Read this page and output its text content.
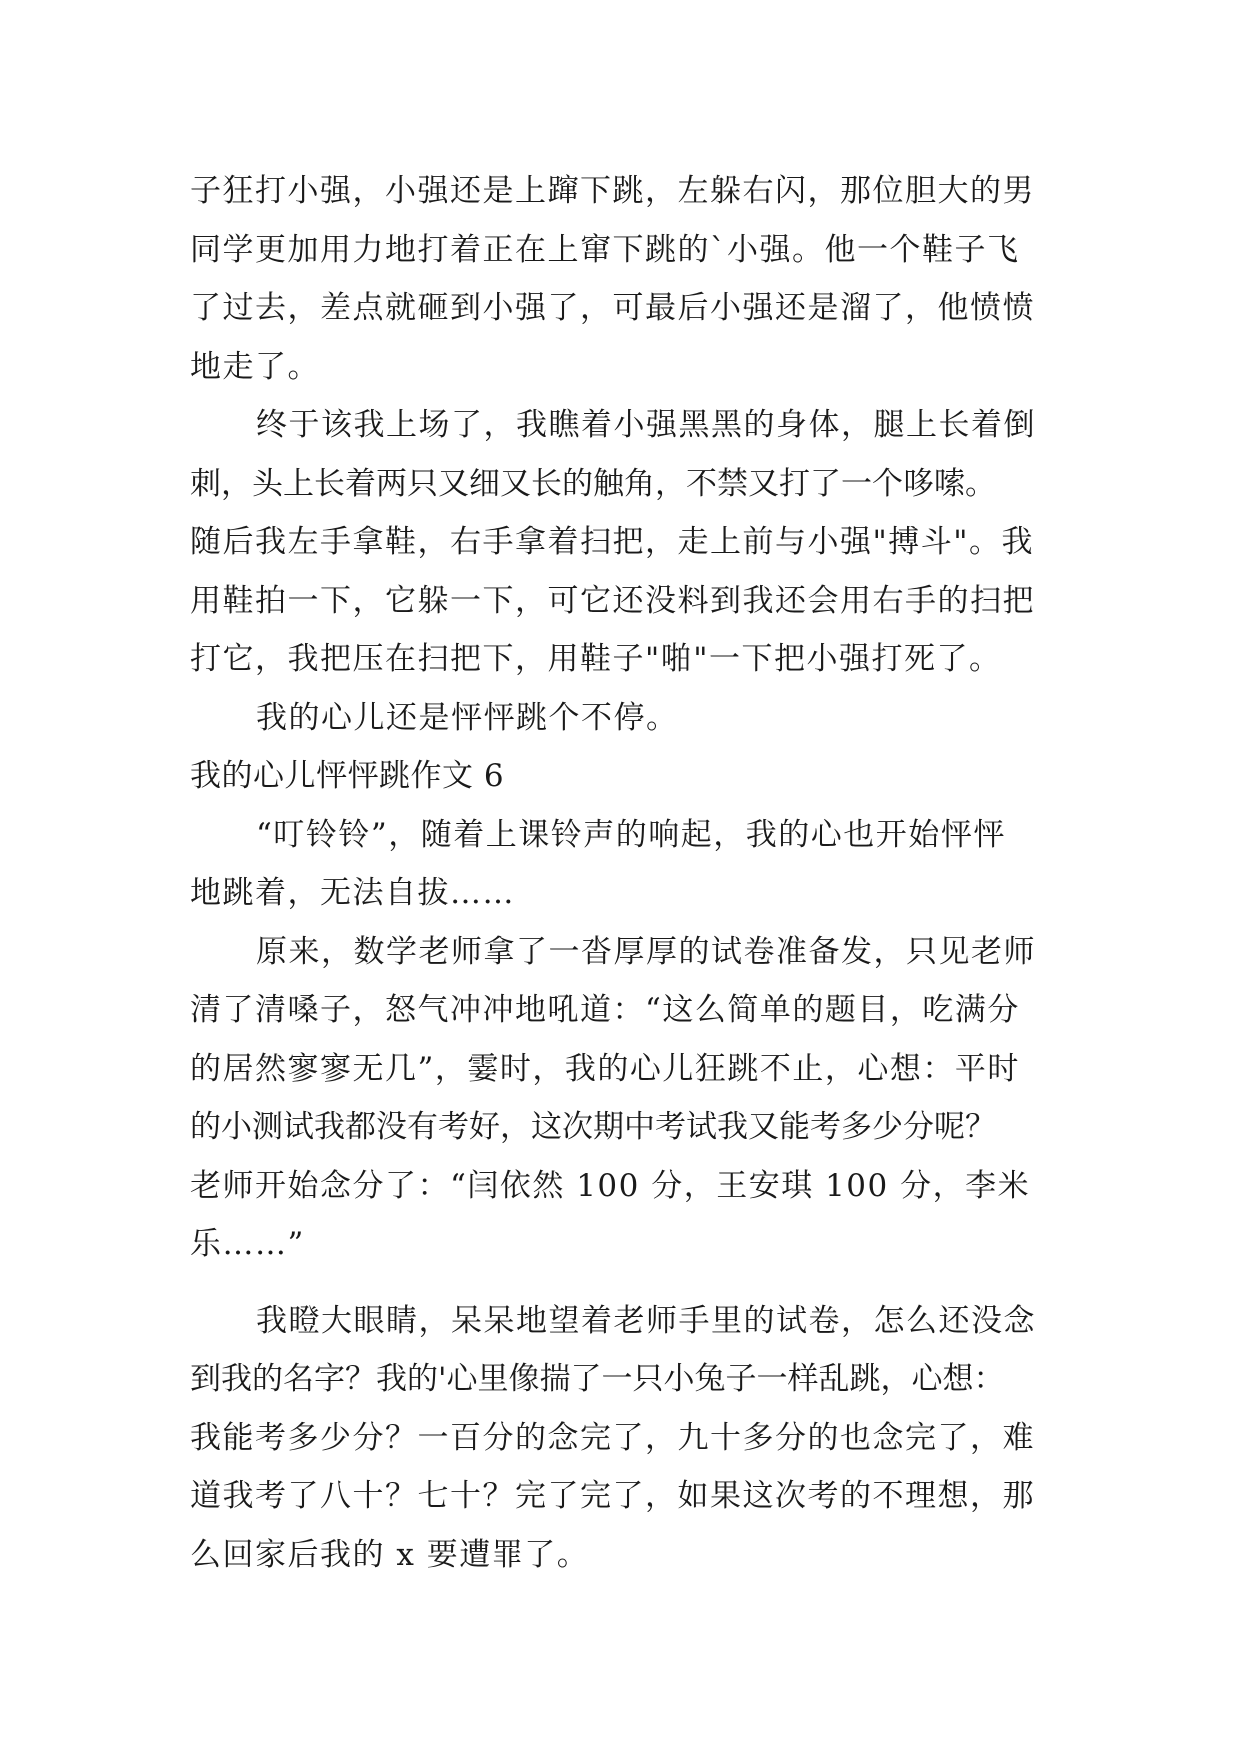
子狂打小强，小强还是上蹿下跳，左躲右闪，那位胆大的男
同学更加用力地打着正在上窜下跳的`小强。他一个鞋子飞
了过去，差点就砸到小强了，可最后小强还是溜了，他愤愤
地走了。
终于该我上场了，我瞧着小强黑黑的身体，腿上长着倒
刺，头上长着两只又细又长的触角，不禁又打了一个哆嗦。
随后我左手拿鞋，右手拿着扫把，走上前与小强"搏斗"。我
用鞋拍一下，它躲一下，可它还没料到我还会用右手的扫把
打它，我把压在扫把下，用鞋子"啪"一下把小强打死了。
我的心儿还是怦怦跳个不停。
我的心儿怦怦跳作文 6
“叮铃铃”，随着上课铃声的响起，我的心也开始怦怦
地跳着，无法自拔……
原来，数学老师拿了一沓厚厚的试卷准备发，只见老师
清了清嗓子，怒气冲冲地吼道：“这么简单的题目，吃满分
的居然寥寥无几”，霎时，我的心儿狂跳不止，心想：平时
的小测试我都没有考好，这次期中考试我又能考多少分呢？
老师开始念分了：“闫依然 100 分，王安琪 100 分，李米
乐……”
我瞪大眼睛，呆呆地望着老师手里的试卷，怎么还没念
到我的名字？我的'心里像揣了一只小兔子一样乱跳，心想：
我能考多少分？一百分的念完了，九十多分的也念完了，难
道我考了八十？七十？完了完了，如果这次考的不理想，那
么回家后我的 x 要遭罪了。
